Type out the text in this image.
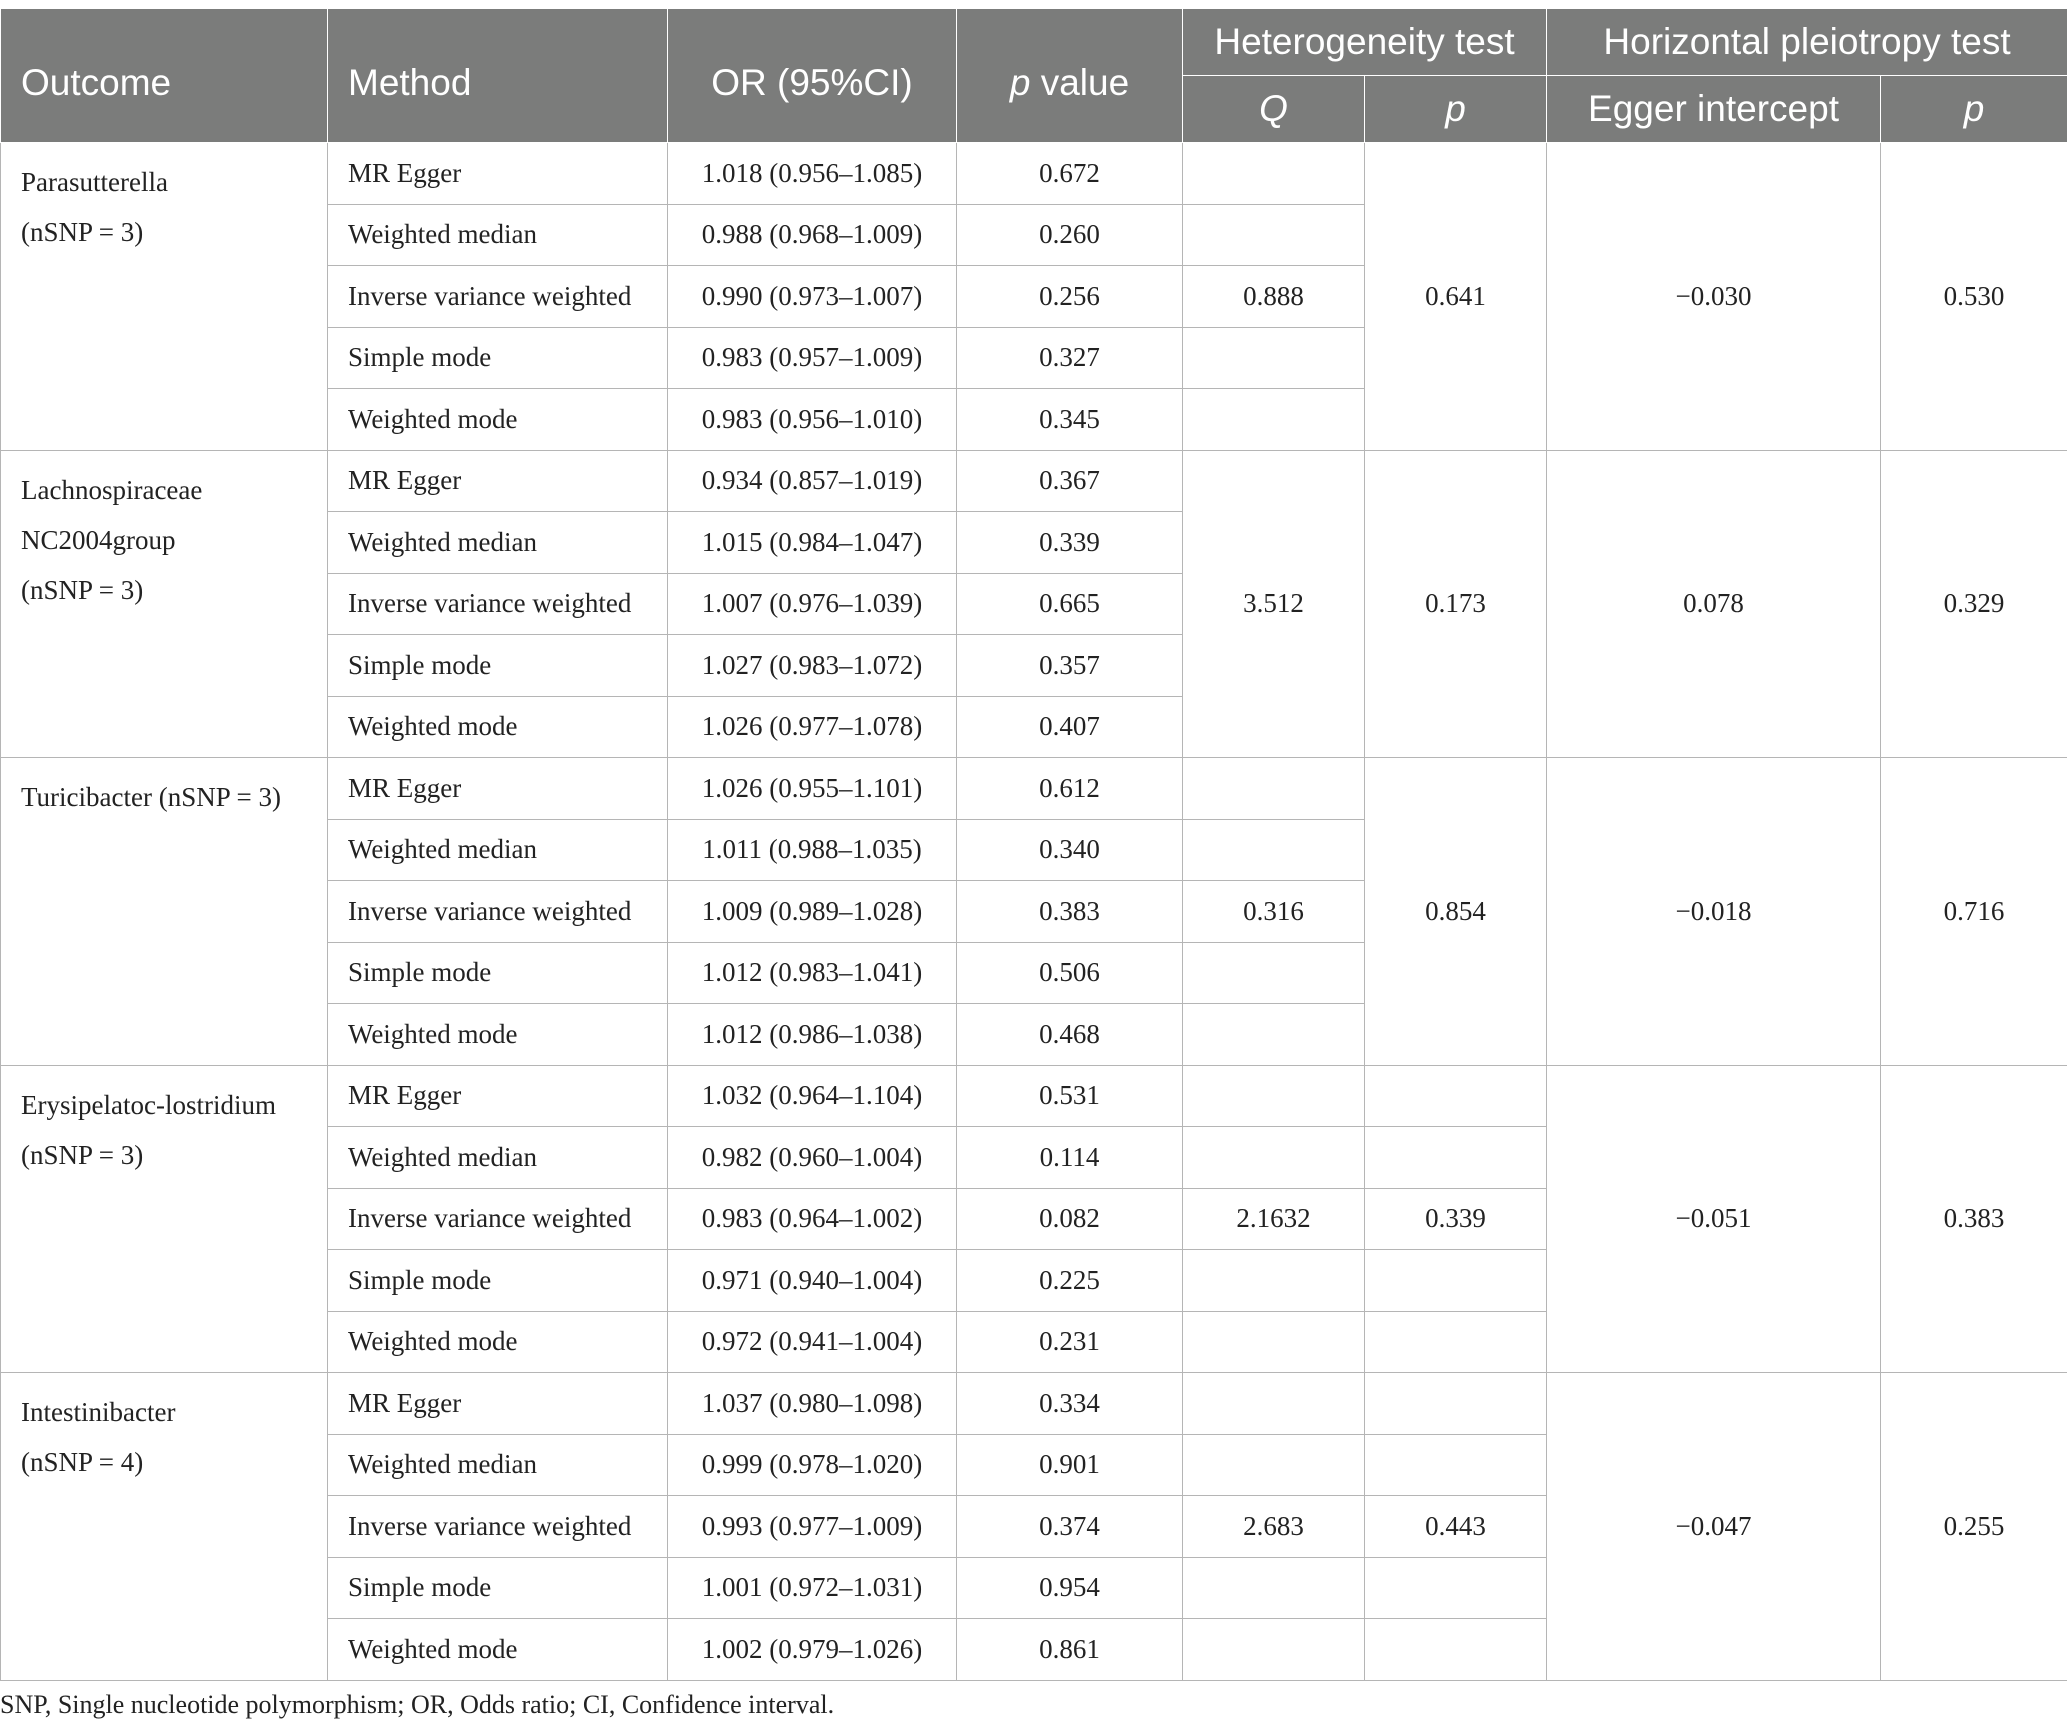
Outcome	Method	OR (95%CI)	p value	Heterogeneity test		Horizontal pleiotropy test	
				Q	p	Egger intercept	p

Parasutterella
(nSNP = 3)	MR Egger	1.018 (0.956–1.085)	0.672		0.641	−0.030	0.530
	Weighted median	0.988 (0.968–1.009)	0.260				
	Inverse variance weighted	0.990 (0.973–1.007)	0.256	0.888			
	Simple mode	0.983 (0.957–1.009)	0.327				
	Weighted mode	0.983 (0.956–1.010)	0.345				

Lachnospiraceae
NC2004group
(nSNP = 3)	MR Egger	0.934 (0.857–1.019)	0.367	3.512	0.173	0.078	0.329
	Weighted median	1.015 (0.984–1.047)	0.339				
	Inverse variance weighted	1.007 (0.976–1.039)	0.665				
	Simple mode	1.027 (0.983–1.072)	0.357				
	Weighted mode	1.026 (0.977–1.078)	0.407				

Turicibacter (nSNP = 3)	MR Egger	1.026 (0.955–1.101)	0.612		0.854	−0.018	0.716
	Weighted median	1.011 (0.988–1.035)	0.340				
	Inverse variance weighted	1.009 (0.989–1.028)	0.383	0.316			
	Simple mode	1.012 (0.983–1.041)	0.506				
	Weighted mode	1.012 (0.986–1.038)	0.468				

Erysipelatoc-lostridium
(nSNP = 3)	MR Egger	1.032 (0.964–1.104)	0.531			−0.051	0.383
	Weighted median	0.982 (0.960–1.004)	0.114				
	Inverse variance weighted	0.983 (0.964–1.002)	0.082	2.1632	0.339		
	Simple mode	0.971 (0.940–1.004)	0.225				
	Weighted mode	0.972 (0.941–1.004)	0.231				

Intestinibacter
(nSNP = 4)	MR Egger	1.037 (0.980–1.098)	0.334			−0.047	0.255
	Weighted median	0.999 (0.978–1.020)	0.901				
	Inverse variance weighted	0.993 (0.977–1.009)	0.374	2.683	0.443		
	Simple mode	1.001 (0.972–1.031)	0.954				
	Weighted mode	1.002 (0.979–1.026)	0.861				
SNP, Single nucleotide polymorphism; OR, Odds ratio; CI, Confidence interval.
